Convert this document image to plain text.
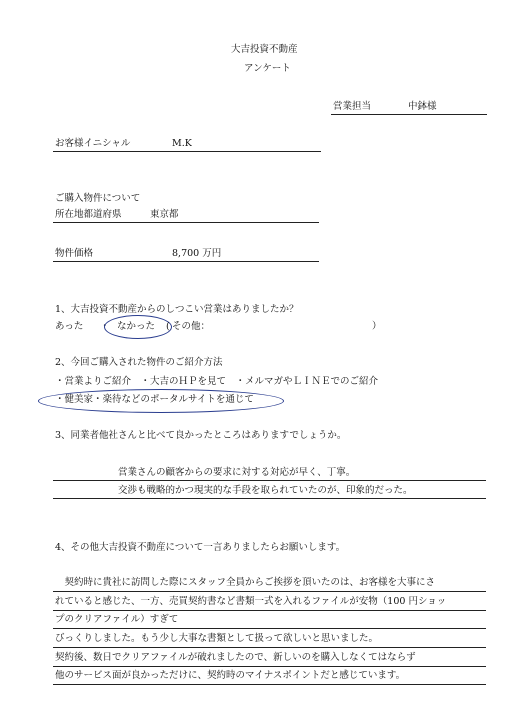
大吉投資不動産
アンケート
営業担当	中鉢様
お客様イニシャル	M.K
ご購入物件について
所在地都道府県	東京都
物件価格	8,700 万円
1、大吉投資不動産からのしつこい営業はありましたか？
あった ・ なかった ( その他：	）
2、今回ご購入された物件のご紹介方法
・営業よりご紹介　・大吉のＨＰを見て　・メルマガやＬＩＮＥでのご紹介
・健美家・楽待などのポータルサイトを通じて
3、同業者他社さんと比べて良かったところはありますでしょうか。
営業さんの顧客からの要求に対する対応が早く、丁寧。
交渉も戦略的かつ現実的な手段を取られていたのが、印象的だった。
4、その他大吉投資不動産について一言ありましたらお願いします。
　契約時に貴社に訪問した際にスタッフ全員からご挨拶を頂いたのは、お客様を大事にさ
れていると感じた、一方、売買契約書など書類一式を入れるファイルが安物（100 円ショッ
プのクリアファイル）すぎて
びっくりしました。もう少し大事な書類として扱って欲しいと思いました。
契約後、数日でクリアファイルが破れましたので、新しいのを購入しなくてはならず
他のサービス面が良かっただけに、契約時のマイナスポイントだと感じています。
